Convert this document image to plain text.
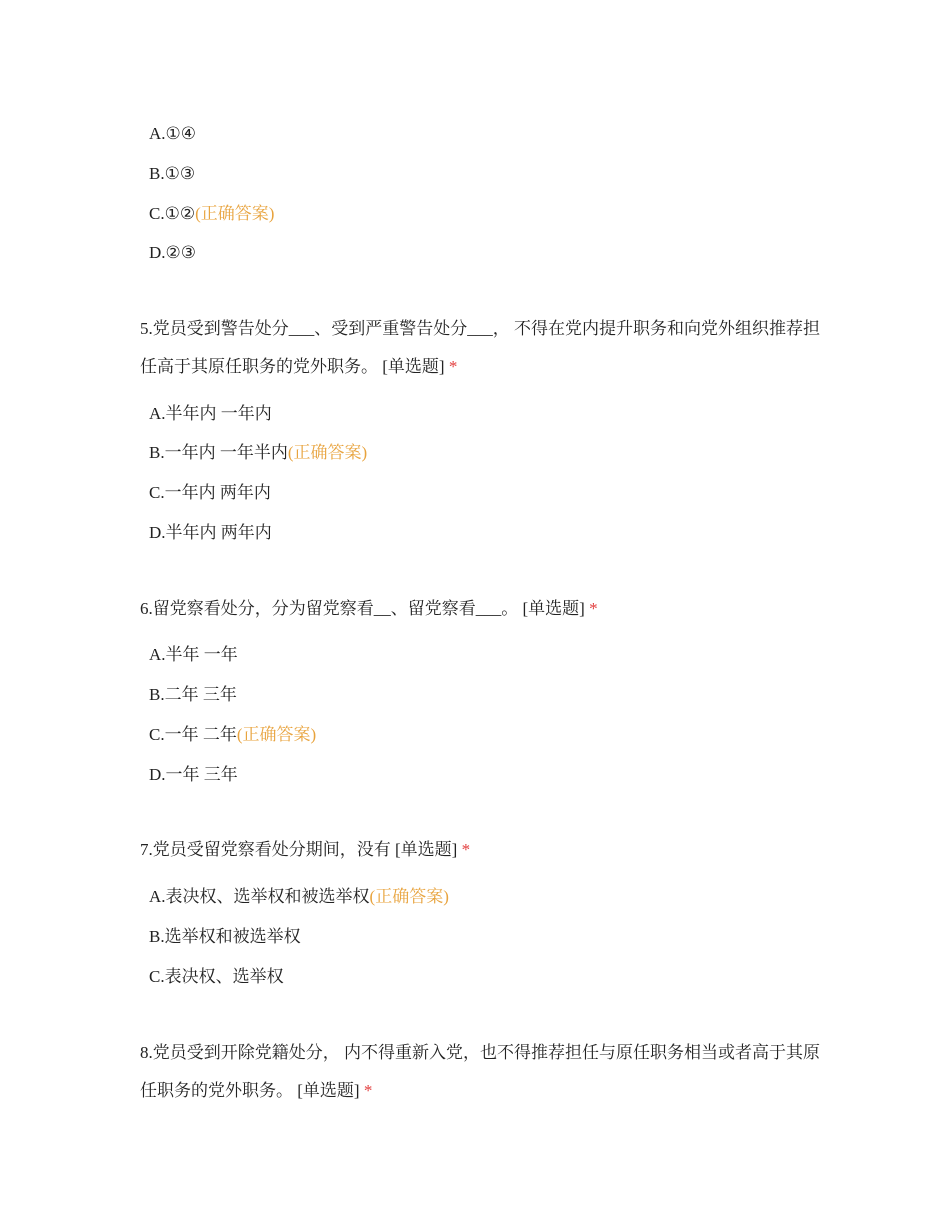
A.①④
B.①③
C.①②(正确答案)
D.②③
5.党员受到警告处分___、受到严重警告处分___， 不得在党内提升职务和向党外组织推荐担任高于其原任职务的党外职务。 [单选题] *
A.半年内 一年内
B.一年内 一年半内(正确答案)
C.一年内 两年内
D.半年内 两年内
6.留党察看处分，分为留党察看__、留党察看___。 [单选题] *
A.半年 一年
B.二年 三年
C.一年 二年(正确答案)
D.一年 三年
7.党员受留党察看处分期间，没有 [单选题] *
A.表决权、选举权和被选举权(正确答案)
B.选举权和被选举权
C.表决权、选举权
8.党员受到开除党籍处分， 内不得重新入党，也不得推荐担任与原任职务相当或者高于其原任职务的党外职务。 [单选题] *
